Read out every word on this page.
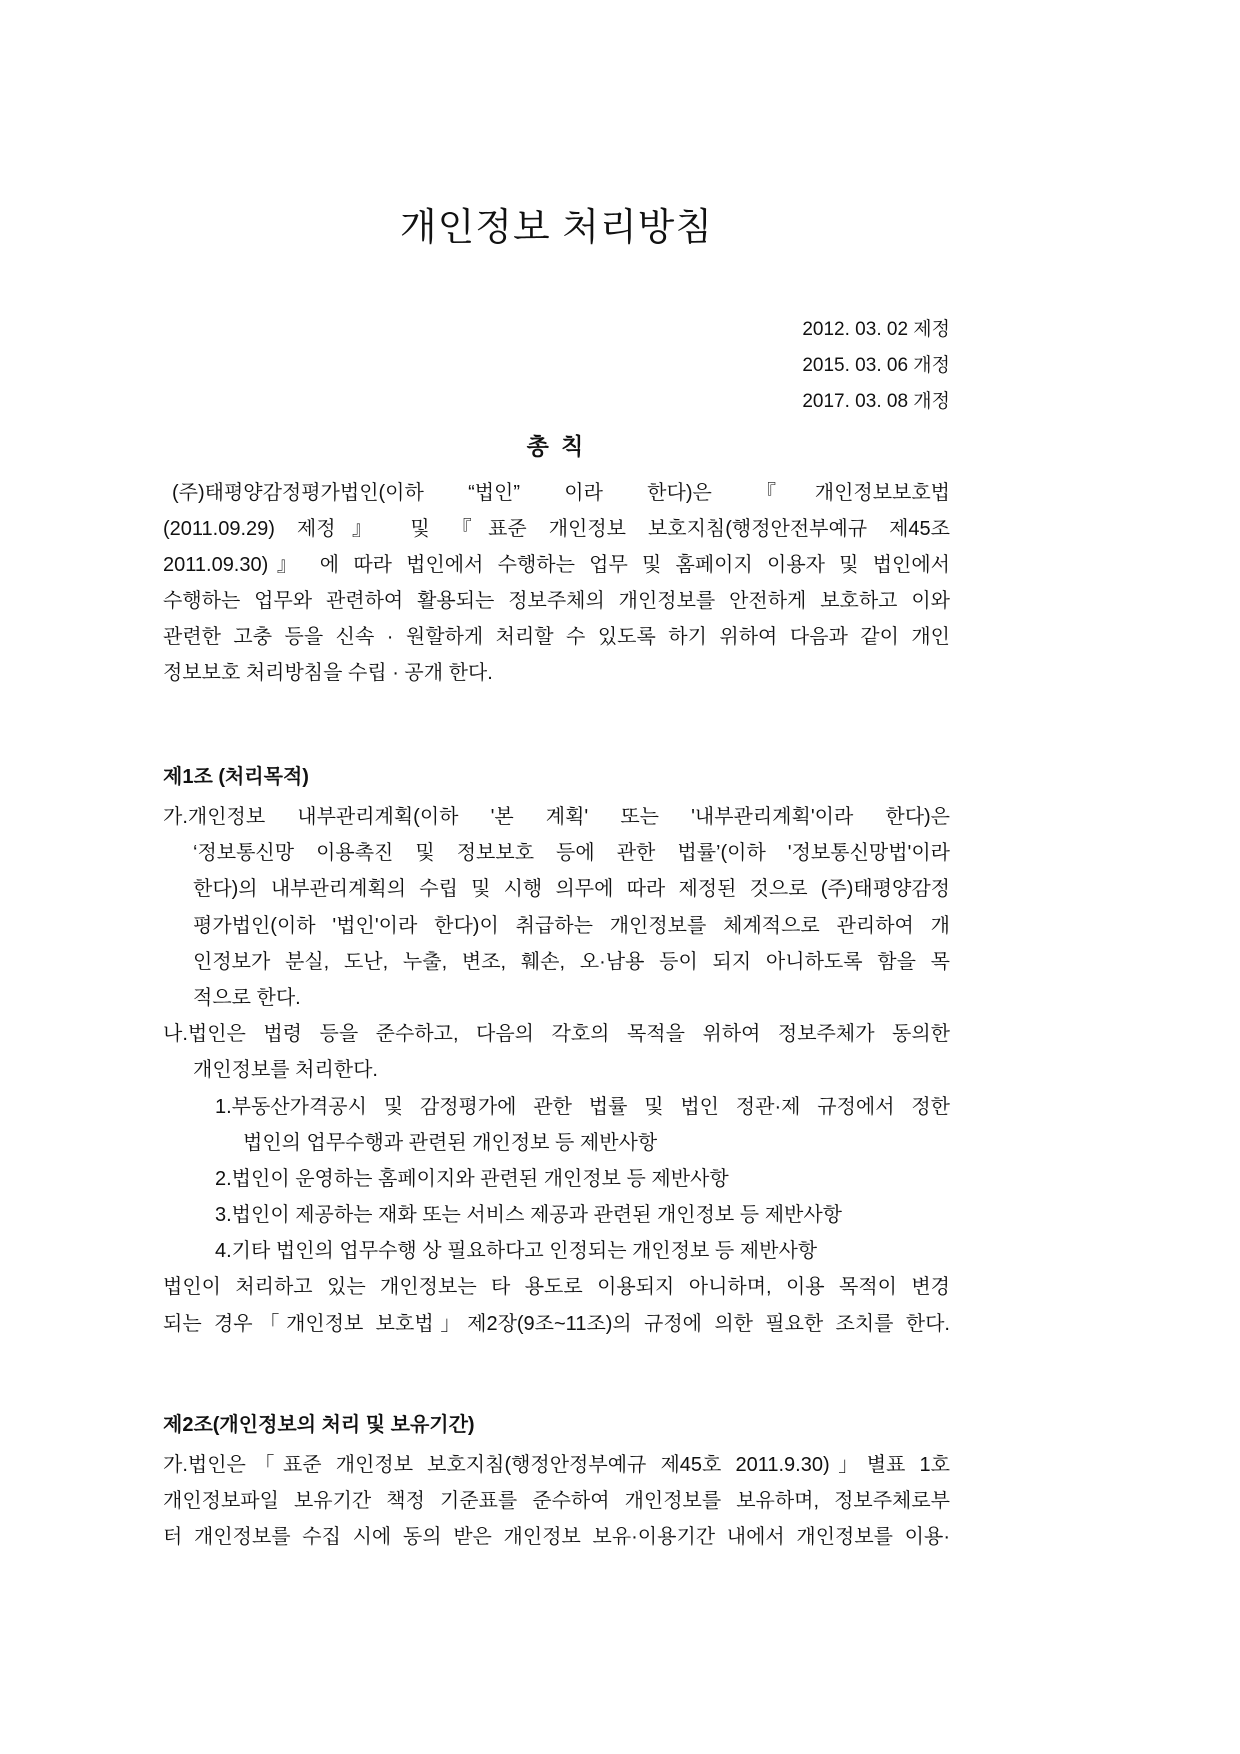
개인정보 처리방침
2012. 03. 02 제정
2015. 03. 06 개정
2017. 03. 08 개정
총 칙
(주)태평양감정평가법인(이하 “법인” 이라 한다)은 『개인정보보호법
(2011.09.29) 제정』 및 『표준 개인정보 보호지침(행정안전부예규 제45조
2011.09.30)』 에 따라 법인에서 수행하는 업무 및 홈페이지 이용자 및 법인에서
수행하는 업무와 관련하여 활용되는 정보주체의 개인정보를 안전하게 보호하고 이와
관련한 고충 등을 신속 · 원할하게 처리할 수 있도록 하기 위하여 다음과 같이 개인
정보보호 처리방침을 수립 · 공개 한다.
제1조 (처리목적)
가.개인정보 내부관리계획(이하 '본 계획' 또는 '내부관리계획'이라 한다)은
‘정보통신망 이용촉진 및 정보보호 등에 관한 법률’(이하 '정보통신망법'이라
한다)의 내부관리계획의 수립 및 시행 의무에 따라 제정된 것으로 (주)태평양감정
평가법인(이하 '법인'이라 한다)이 취급하는 개인정보를 체계적으로 관리하여 개
인정보가 분실, 도난, 누출, 변조, 훼손, 오·남용 등이 되지 아니하도록 함을 목
적으로 한다.
나.법인은 법령 등을 준수하고, 다음의 각호의 목적을 위하여 정보주체가 동의한
개인정보를 처리한다.
1.부동산가격공시 및 감정평가에 관한 법률 및 법인 정관·제 규정에서 정한
법인의 업무수행과 관련된 개인정보 등 제반사항
2.법인이 운영하는 홈페이지와 관련된 개인정보 등 제반사항
3.법인이 제공하는 재화 또는 서비스 제공과 관련된 개인정보 등 제반사항
4.기타 법인의 업무수행 상 필요하다고 인정되는 개인정보 등 제반사항
법인이 처리하고 있는 개인정보는 타 용도로 이용되지 아니하며, 이용 목적이 변경
되는 경우「개인정보 보호법」제2장(9조~11조)의 규정에 의한 필요한 조치를 한다.
제2조(개인정보의 처리 및 보유기간)
가.법인은「표준 개인정보 보호지침(행정안정부예규 제45호 2011.9.30)」별표 1호
개인정보파일 보유기간 책정 기준표를 준수하여 개인정보를 보유하며, 정보주체로부
터 개인정보를 수집 시에 동의 받은 개인정보 보유·이용기간 내에서 개인정보를 이용·
